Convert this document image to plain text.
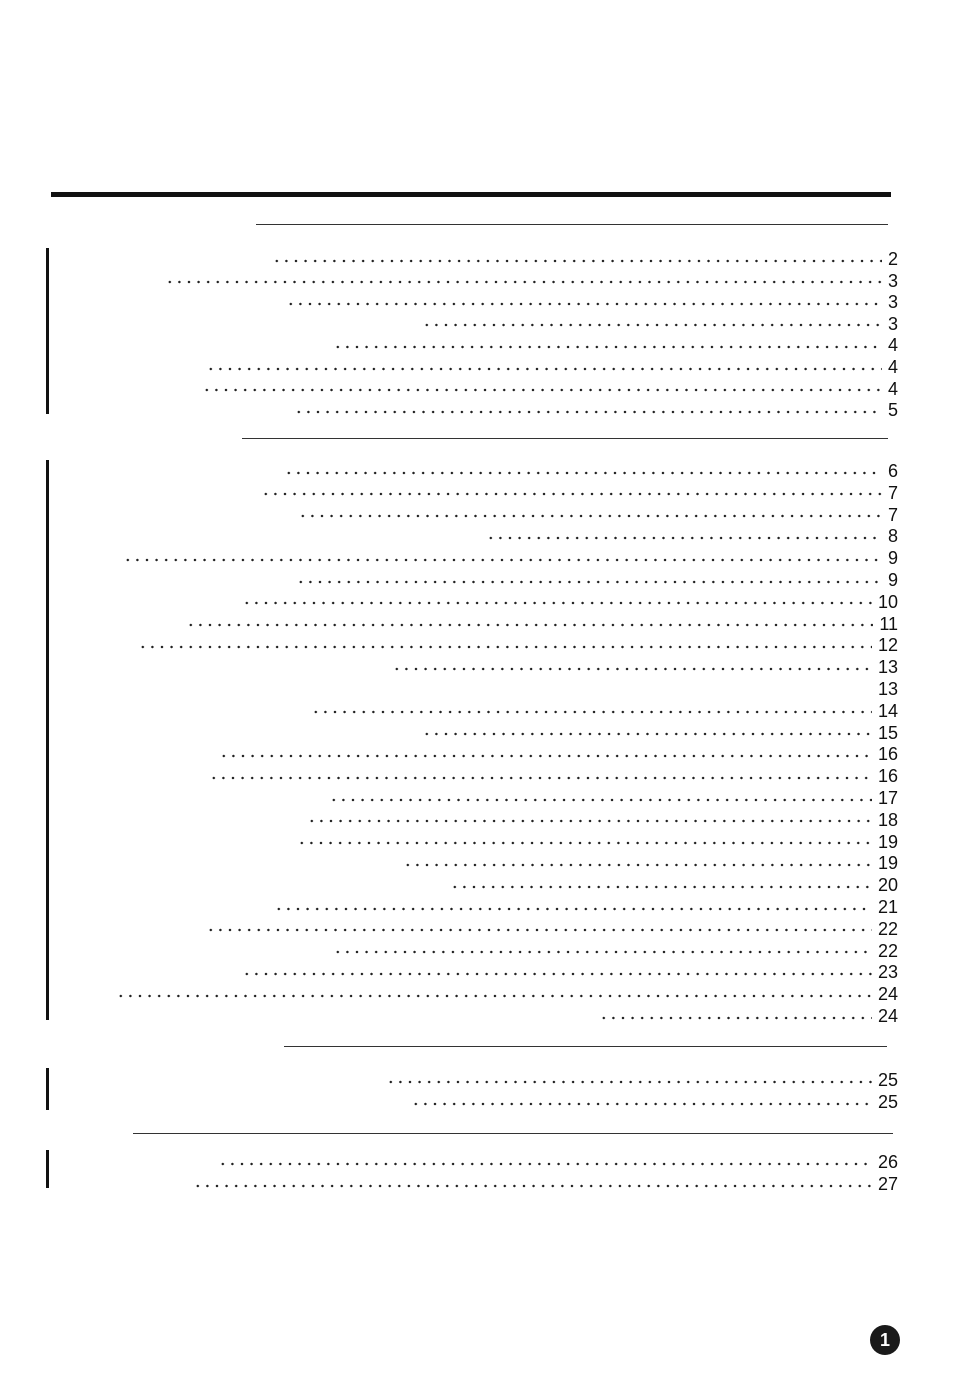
2
3
3
3
4
4
4
5
6
7
7
8
9
9
10
11
12
13
13
14
15
16
16
17
18
19
19
20
21
22
22
23
24
24
25
25
26
27
1
